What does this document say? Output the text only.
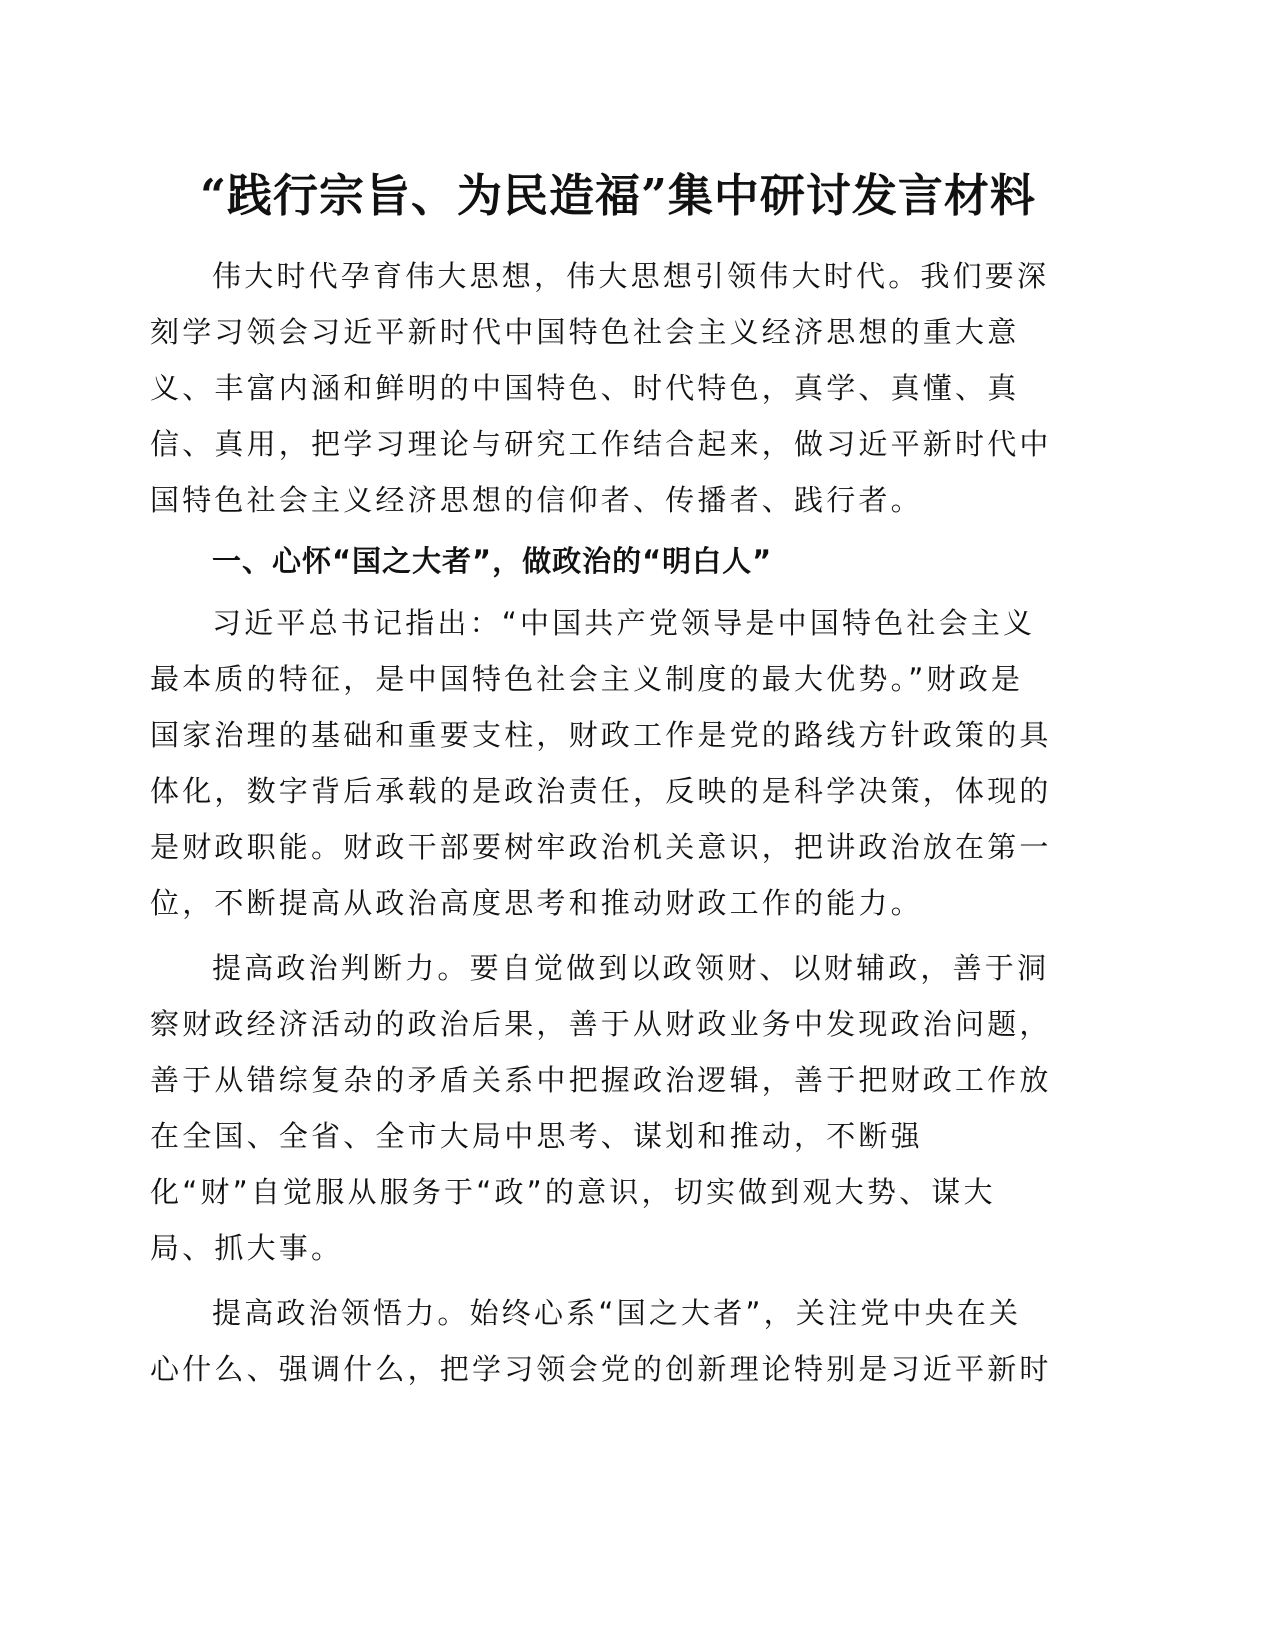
“践行宗旨、为民造福”集中研讨发言材料

伟大时代孕育伟大思想，伟大思想引领伟大时代。我们要深
刻学习领会习近平新时代中国特色社会主义经济思想的重大意
义、丰富内涵和鲜明的中国特色、时代特色，真学、真懂、真
信、真用，把学习理论与研究工作结合起来，做习近平新时代中
国特色社会主义经济思想的信仰者、传播者、践行者。

一、心怀“国之大者”，做政治的“明白人”

习近平总书记指出：“中国共产党领导是中国特色社会主义
最本质的特征，是中国特色社会主义制度的最大优势。”财政是
国家治理的基础和重要支柱，财政工作是党的路线方针政策的具
体化，数字背后承载的是政治责任，反映的是科学决策，体现的
是财政职能。财政干部要树牢政治机关意识，把讲政治放在第一
位，不断提高从政治高度思考和推动财政工作的能力。

提高政治判断力。要自觉做到以政领财、以财辅政，善于洞
察财政经济活动的政治后果，善于从财政业务中发现政治问题，
善于从错综复杂的矛盾关系中把握政治逻辑，善于把财政工作放
在全国、全省、全市大局中思考、谋划和推动，不断强
化“财”自觉服从服务于“政”的意识，切实做到观大势、谋大
局、抓大事。

提高政治领悟力。始终心系“国之大者”，关注党中央在关
心什么、强调什么，把学习领会党的创新理论特别是习近平新时
